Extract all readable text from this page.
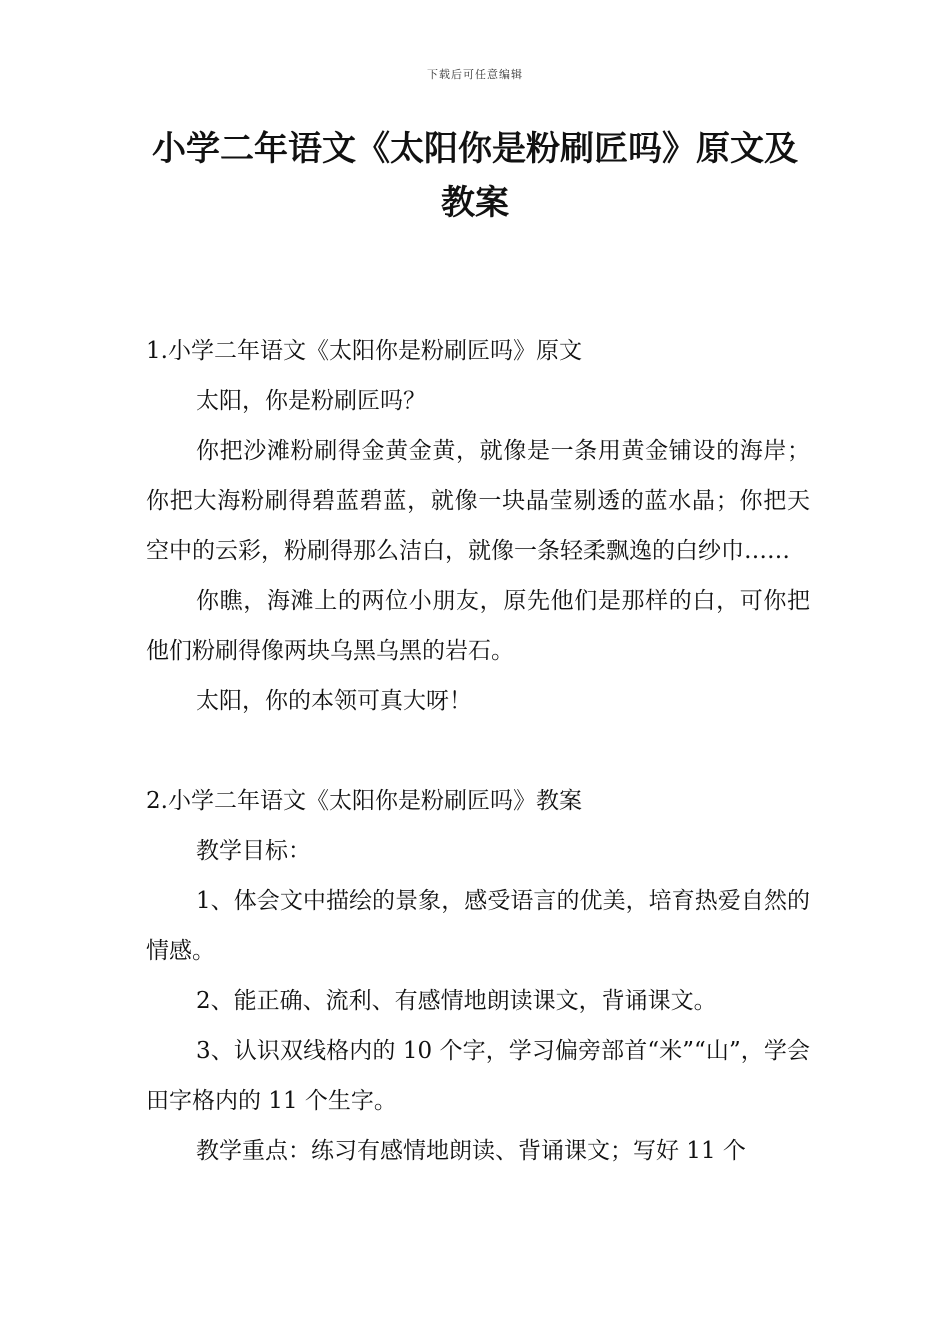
下载后可任意编辑
小学二年语文《太阳你是粉刷匠吗》原文及教案

1.小学二年语文《太阳你是粉刷匠吗》原文

太阳，你是粉刷匠吗？

你把沙滩粉刷得金黄金黄，就像是一条用黄金铺设的海岸；你把大海粉刷得碧蓝碧蓝，就像一块晶莹剔透的蓝水晶；你把天空中的云彩，粉刷得那么洁白，就像一条轻柔飘逸的白纱巾……

你瞧，海滩上的两位小朋友，原先他们是那样的白，可你把他们粉刷得像两块乌黑乌黑的岩石。

太阳，你的本领可真大呀！

2.小学二年语文《太阳你是粉刷匠吗》教案

教学目标：

1、体会文中描绘的景象，感受语言的优美，培育热爱自然的情感。

2、能正确、流利、有感情地朗读课文，背诵课文。

3、认识双线格内的 10 个字，学习偏旁部首“米”“山”，学会田字格内的 11 个生字。

教学重点：练习有感情地朗读、背诵课文；写好 11 个
